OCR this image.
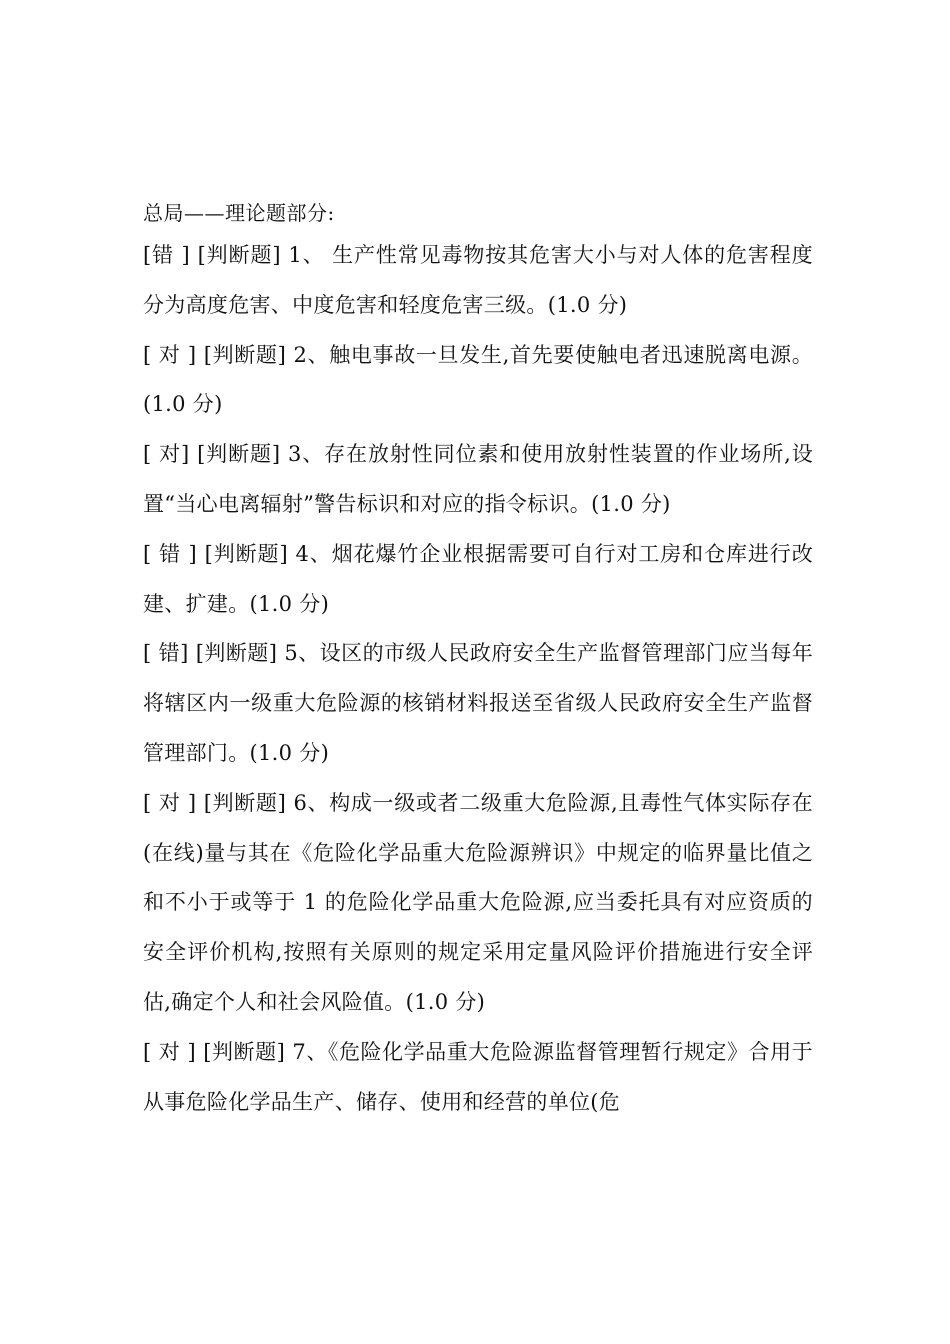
总局——理论题部分:

[错 ] [判断题] 1、 生产性常见毒物按其危害大小与对人体的危害程度分为高度危害、中度危害和轻度危害三级。(1.0 分)

[ 对 ] [判断题] 2、触电事故一旦发生,首先要使触电者迅速脱离电源。(1.0 分)

[ 对] [判断题] 3、存在放射性同位素和使用放射性装置的作业场所,设置“当心电离辐射”警告标识和对应的指令标识。(1.0 分)

[ 错 ] [判断题] 4、烟花爆竹企业根据需要可自行对工房和仓库进行改建、扩建。(1.0 分)

[ 错] [判断题] 5、设区的市级人民政府安全生产监督管理部门应当每年将辖区内一级重大危险源的核销材料报送至省级人民政府安全生产监督管理部门。(1.0 分)

[ 对 ] [判断题] 6、构成一级或者二级重大危险源,且毒性气体实际存在(在线)量与其在《危险化学品重大危险源辨识》中规定的临界量比值之和不小于或等于 1 的危险化学品重大危险源,应当委托具有对应资质的安全评价机构,按照有关原则的规定采用定量风险评价措施进行安全评估,确定个人和社会风险值。(1.0 分)

[ 对 ] [判断题] 7、《危险化学品重大危险源监督管理暂行规定》合用于从事危险化学品生产、储存、使用和经营的单位(危
